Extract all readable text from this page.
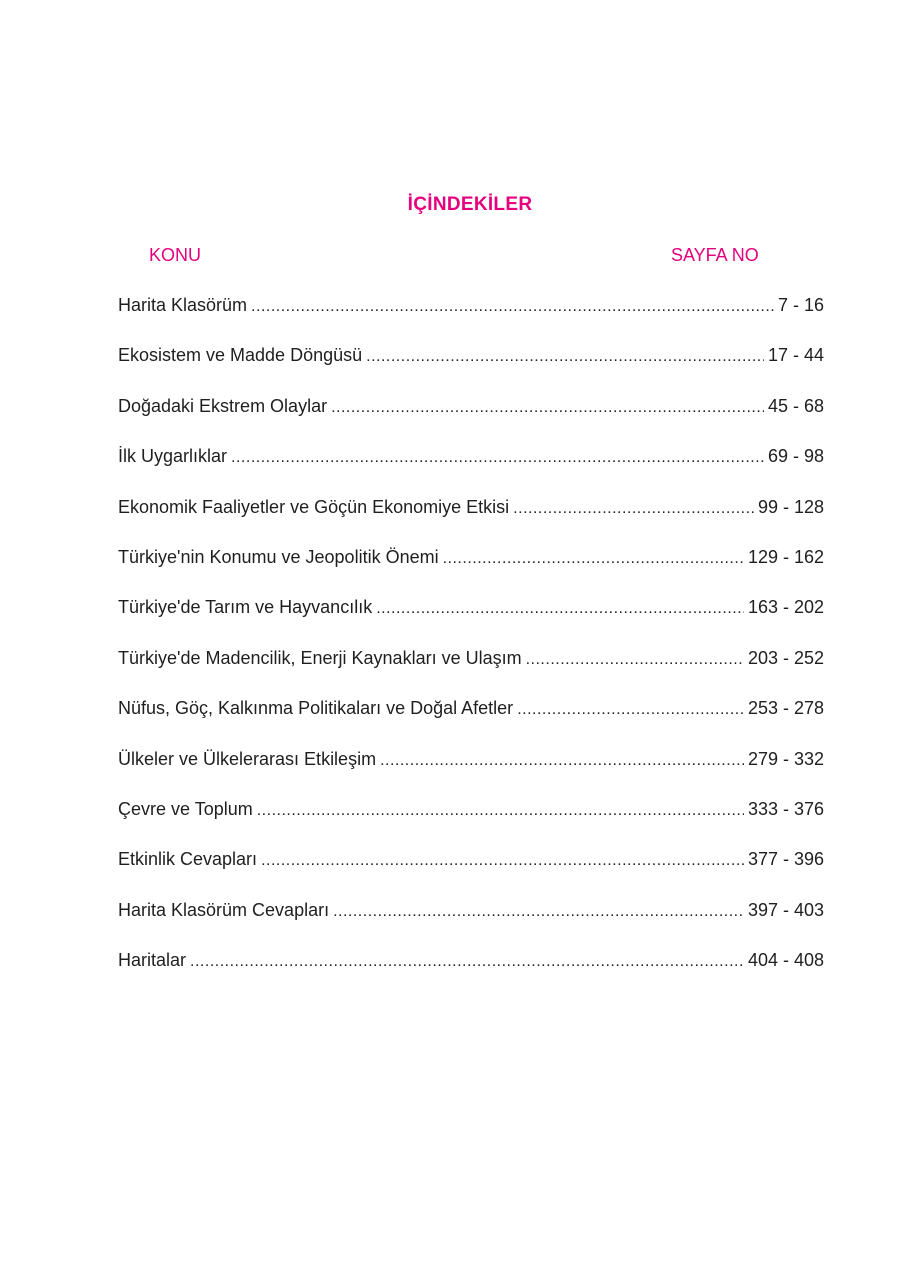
İÇİNDEKİLER
KONU	SAYFA NO
Harita Klasörüm .....	7 - 16
Ekosistem ve Madde Döngüsü .....	17 - 44
Doğadaki Ekstrem Olaylar .....	45 - 68
İlk Uygarlıklar .....	69 - 98
Ekonomik Faaliyetler ve Göçün Ekonomiye Etkisi .....	99 - 128
Türkiye'nin Konumu ve Jeopolitik Önemi .....	129 - 162
Türkiye'de Tarım ve Hayvancılık .....	163 - 202
Türkiye'de Madencilik, Enerji Kaynakları ve Ulaşım .....	203 - 252
Nüfus, Göç, Kalkınma Politikaları ve Doğal Afetler .....	253 - 278
Ülkeler ve Ülkelerarası Etkileşim .....	279 - 332
Çevre ve Toplum .....	333 - 376
Etkinlik Cevapları .....	377 - 396
Harita Klasörüm Cevapları .....	397 - 403
Haritalar .....	404 - 408
